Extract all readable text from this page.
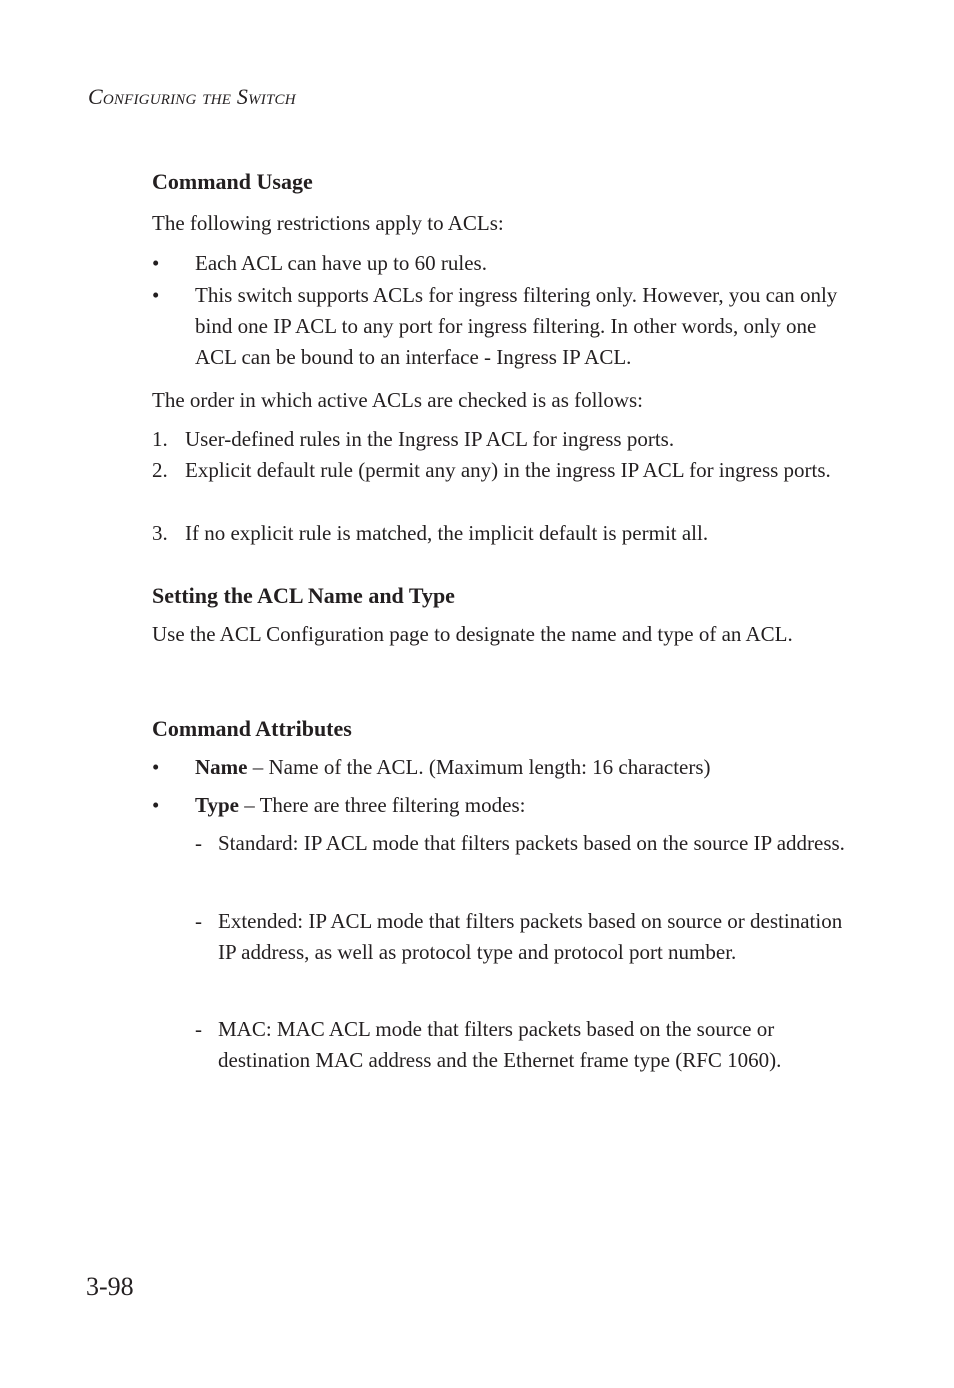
Configuring the Switch
Command Usage

The following restrictions apply to ACLs:

• Each ACL can have up to 60 rules.
• This switch supports ACLs for ingress filtering only. However, you can only bind one IP ACL to any port for ingress filtering. In other words, only one ACL can be bound to an interface - Ingress IP ACL.

The order in which active ACLs are checked is as follows:

1. User-defined rules in the Ingress IP ACL for ingress ports.
2. Explicit default rule (permit any any) in the ingress IP ACL for ingress ports.
3. If no explicit rule is matched, the implicit default is permit all.
Setting the ACL Name and Type

Use the ACL Configuration page to designate the name and type of an ACL.

Command Attributes
• Name – Name of the ACL. (Maximum length: 16 characters)
• Type – There are three filtering modes:
- Standard: IP ACL mode that filters packets based on the source IP address.
- Extended: IP ACL mode that filters packets based on source or destination IP address, as well as protocol type and protocol port number.
- MAC: MAC ACL mode that filters packets based on the source or destination MAC address and the Ethernet frame type (RFC 1060).
3-98
